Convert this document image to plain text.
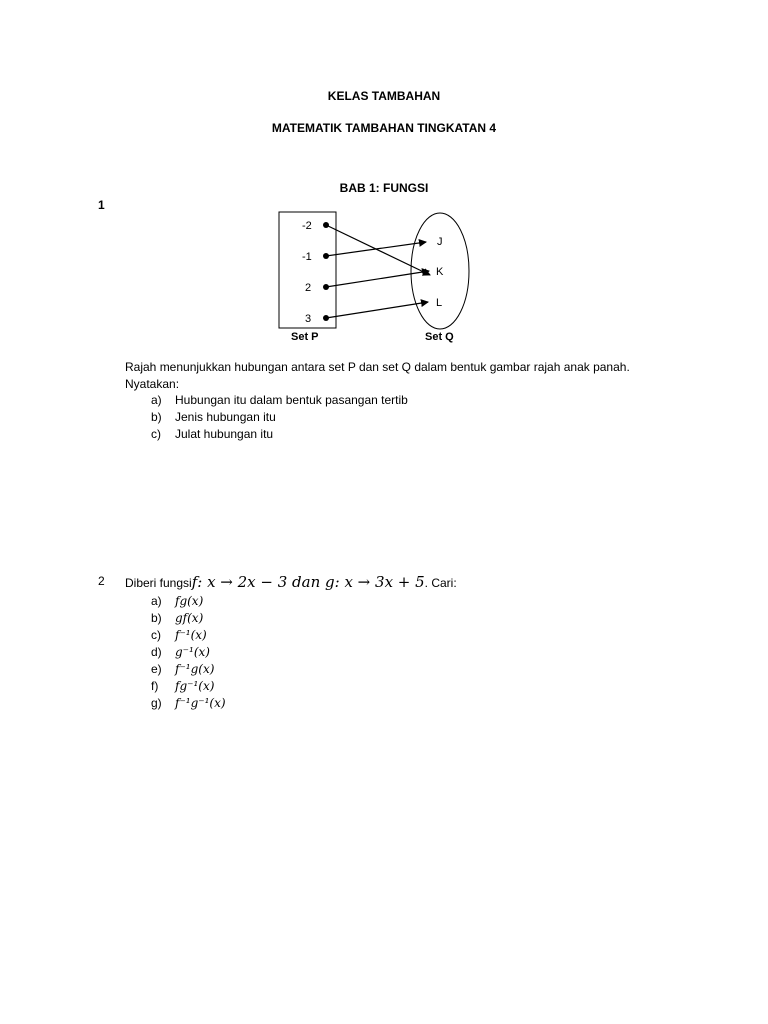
KELAS TAMBAHAN
MATEMATIK TAMBAHAN TINGKATAN 4
BAB 1: FUNGSI
1
-2
-1
2
3
J
K
L
Set P	Set Q
Rajah menunjukkan hubungan antara set P dan set Q dalam bentuk gambar rajah anak panah.
Nyatakan:
a) Hubungan itu dalam bentuk pasangan tertib
b) Jenis hubungan itu
c) Julat hubungan itu
2 Diberi fungsif: x → 2x − 3 dan g: x → 3x + 5. Cari:
a) fg(x)
b) gf(x)
c) f⁻¹(x)
d) g⁻¹(x)
e) f⁻¹g(x)
f) fg⁻¹(x)
g) f⁻¹g⁻¹(x)
